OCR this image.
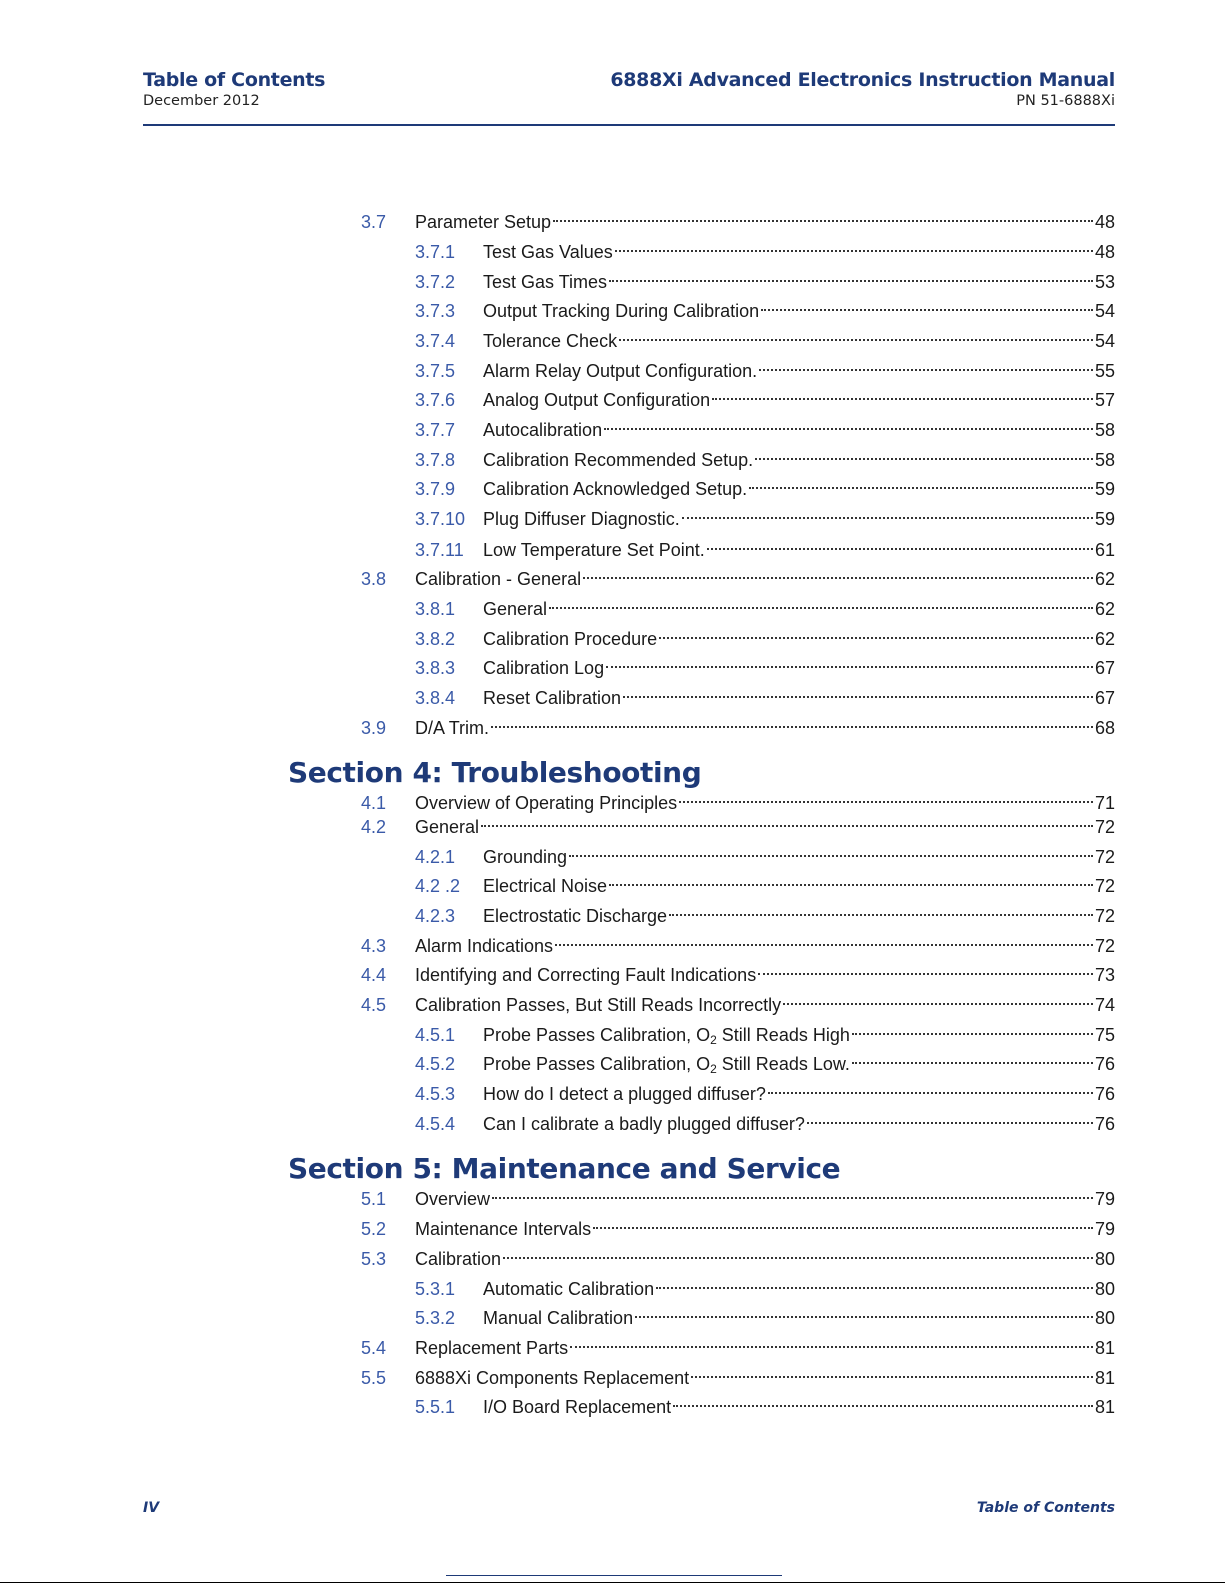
Table of Contents
December 2012
6888Xi Advanced Electronics Instruction Manual
PN 51-6888Xi
3.7 Parameter Setup	48
3.7.1 Test Gas Values	48
3.7.2 Test Gas Times	53
3.7.3 Output Tracking During Calibration	54
3.7.4 Tolerance Check	54
3.7.5 Alarm Relay Output Configuration.	55
3.7.6 Analog Output Configuration	57
3.7.7 Autocalibration	58
3.7.8 Calibration Recommended Setup.	58
3.7.9 Calibration Acknowledged Setup.	59
3.7.10 Plug Diffuser Diagnostic.	59
3.7.11 Low Temperature Set Point.	61
3.8 Calibration - General	62
3.8.1 General	62
3.8.2 Calibration Procedure	62
3.8.3 Calibration Log	67
3.8.4 Reset Calibration	67
3.9 D/A Trim.	68
Section 4: Troubleshooting
4.1 Overview of Operating Principles	71
4.2 General	72
4.2.1 Grounding	72
4.2 .2 Electrical Noise	72
4.2.3 Electrostatic Discharge	72
4.3 Alarm Indications	72
4.4 Identifying and Correcting Fault Indications	73
4.5 Calibration Passes, But Still Reads Incorrectly	74
4.5.1 Probe Passes Calibration, $O_2$ Still Reads High	75
4.5.2 Probe Passes Calibration, $O_2$ Still Reads Low.	76
4.5.3 How do I detect a plugged diffuser?	76
4.5.4 Can I calibrate a badly plugged diffuser?	76
Section 5: Maintenance and Service
5.1 Overview	79
5.2 Maintenance Intervals	79
5.3 Calibration	80
5.3.1 Automatic Calibration	80
5.3.2 Manual Calibration	80
5.4 Replacement Parts	81
5.5 6888Xi Components Replacement	81
5.5.1 I/O Board Replacement	81
IV	Table of Contents
